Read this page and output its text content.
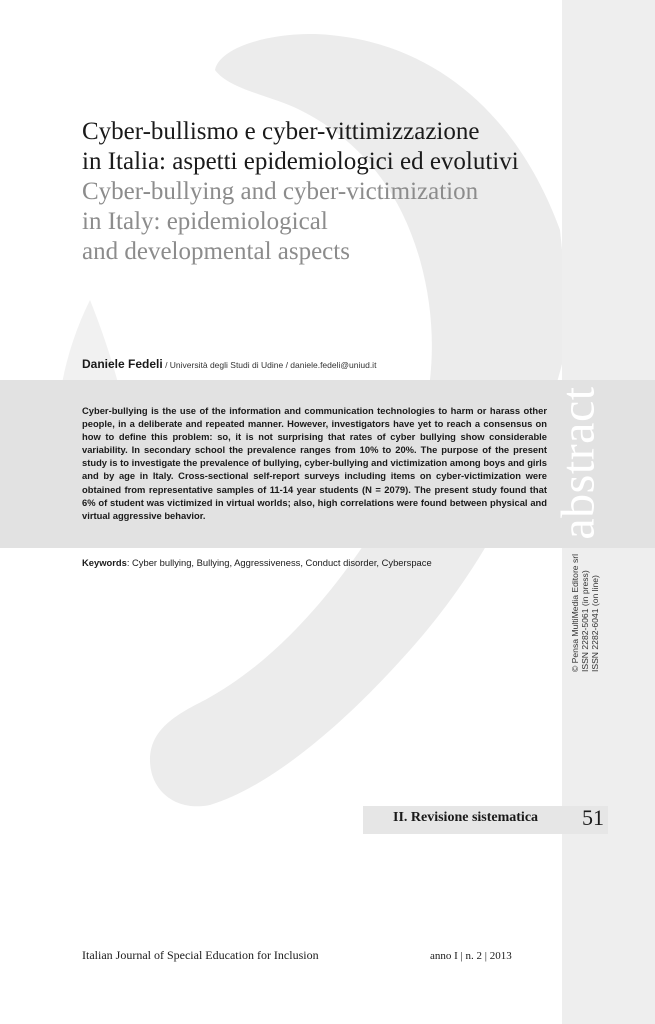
abstract
© Pensa MultiMedia Editore srl ISSN 2282-5061 (in press) ISSN 2282-6041 (on line)
Cyber-bullismo e cyber-vittimizzazione
in Italia: aspetti epidemiologici ed evolutivi
Cyber-bullying and cyber-victimization
in Italy: epidemiological
and developmental aspects
Daniele Fedeli / Università degli Studi di Udine / daniele.fedeli@uniud.it
Cyber-bullying is the use of the information and communication technologies to harm or harass other people, in a deliberate and repeated manner. However, investigators have yet to reach a consensus on how to define this problem: so, it is not surprising that rates of cyber bullying show considerable variability. In secondary school the prevalence ranges from 10% to 20%. The purpose of the present study is to investigate the prevalence of bullying, cyber-bullying and victimization among boys and girls and by age in Italy. Cross-sectional self-report surveys including items on cyber-victimization were obtained from representative samples of 11-14 year students (N = 2079). The present study found that 6% of student was victimized in virtual worlds; also, high correlations were found between physical and virtual aggressive behavior.
Keywords: Cyber bullying, Bullying, Aggressiveness, Conduct disorder, Cyberspace
II. Revisione sistematica 51
Italian Journal of Special Education for Inclusion	anno I | n. 2 | 2013
